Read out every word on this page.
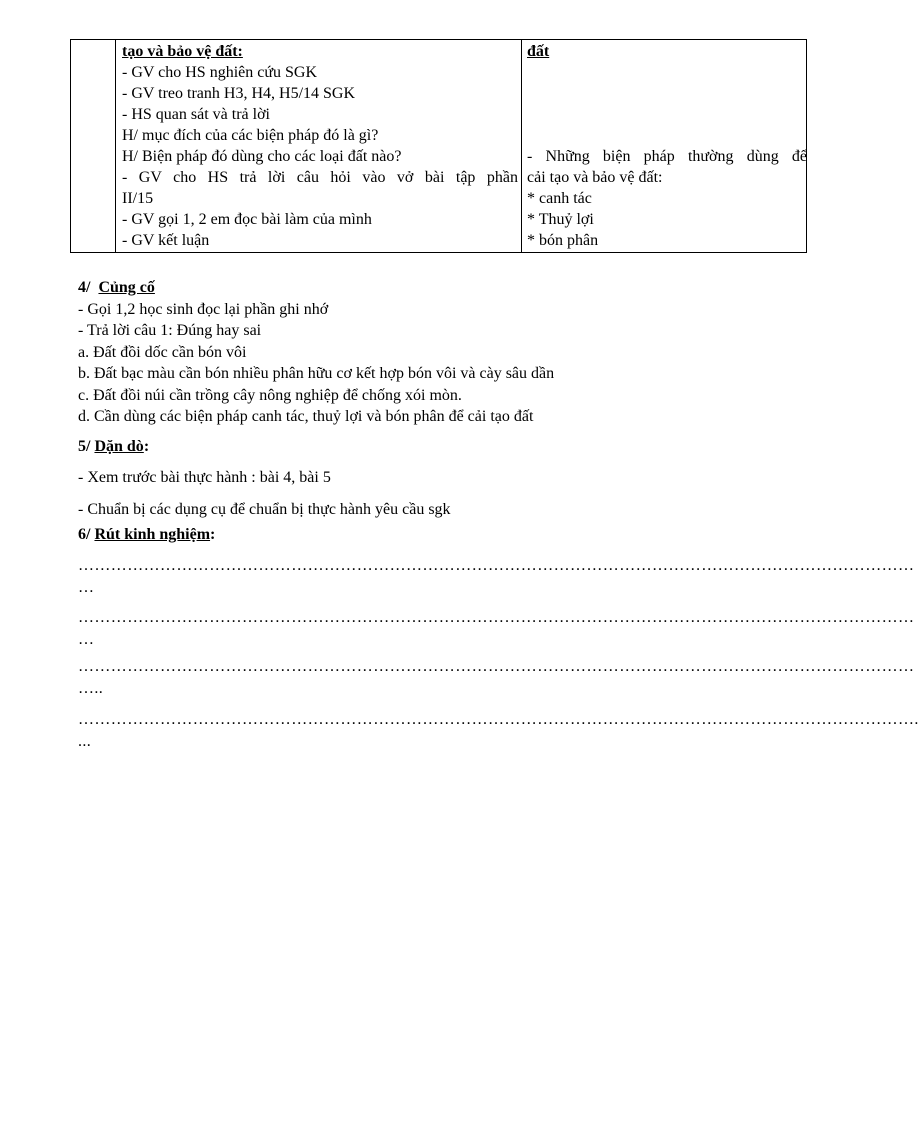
tạo và bảo vệ đất:
- GV cho HS nghiên cứu SGK
- GV treo tranh H3, H4, H5/14 SGK
- HS quan sát và trả lời
H/ mục đích của các biện pháp đó là gì?
H/ Biện pháp đó dùng cho các loại đất nào?
- GV cho HS trả lời câu hỏi vào vở bài tập phần
II/15
- GV gọi 1, 2 em đọc bài làm của mình
- GV kết luận
đất
- Những biện pháp thường dùng để
cải tạo và bảo vệ đất:
* canh tác
* Thuỷ lợi
* bón phân
4/ Củng cố
- Gọi 1,2 học sinh đọc lại phần ghi nhớ
- Trả lời câu 1: Đúng hay sai
a. Đất đồi dốc cần bón vôi
b. Đất bạc màu cần bón nhiều phân hữu cơ kết hợp bón vôi và cày sâu dần
c. Đất đồi núi cần trồng cây nông nghiệp để chống xói mòn.
d. Cần dùng các biện pháp canh tác, thuỷ lợi và bón phân để cải tạo đất
5/ Dặn dò:
- Xem trước bài thực hành : bài 4, bài 5
- Chuẩn bị các dụng cụ để chuẩn bị thực hành yêu cầu sgk
6/ Rút kinh nghiệm:
………………………………………………………………………………………………………………………………………
…
………………………………………………………………………………………………………………………………………
…
………………………………………………………………………………………………………………………………………
…..
……………………………………………………………………………………………………………………………………….
...
